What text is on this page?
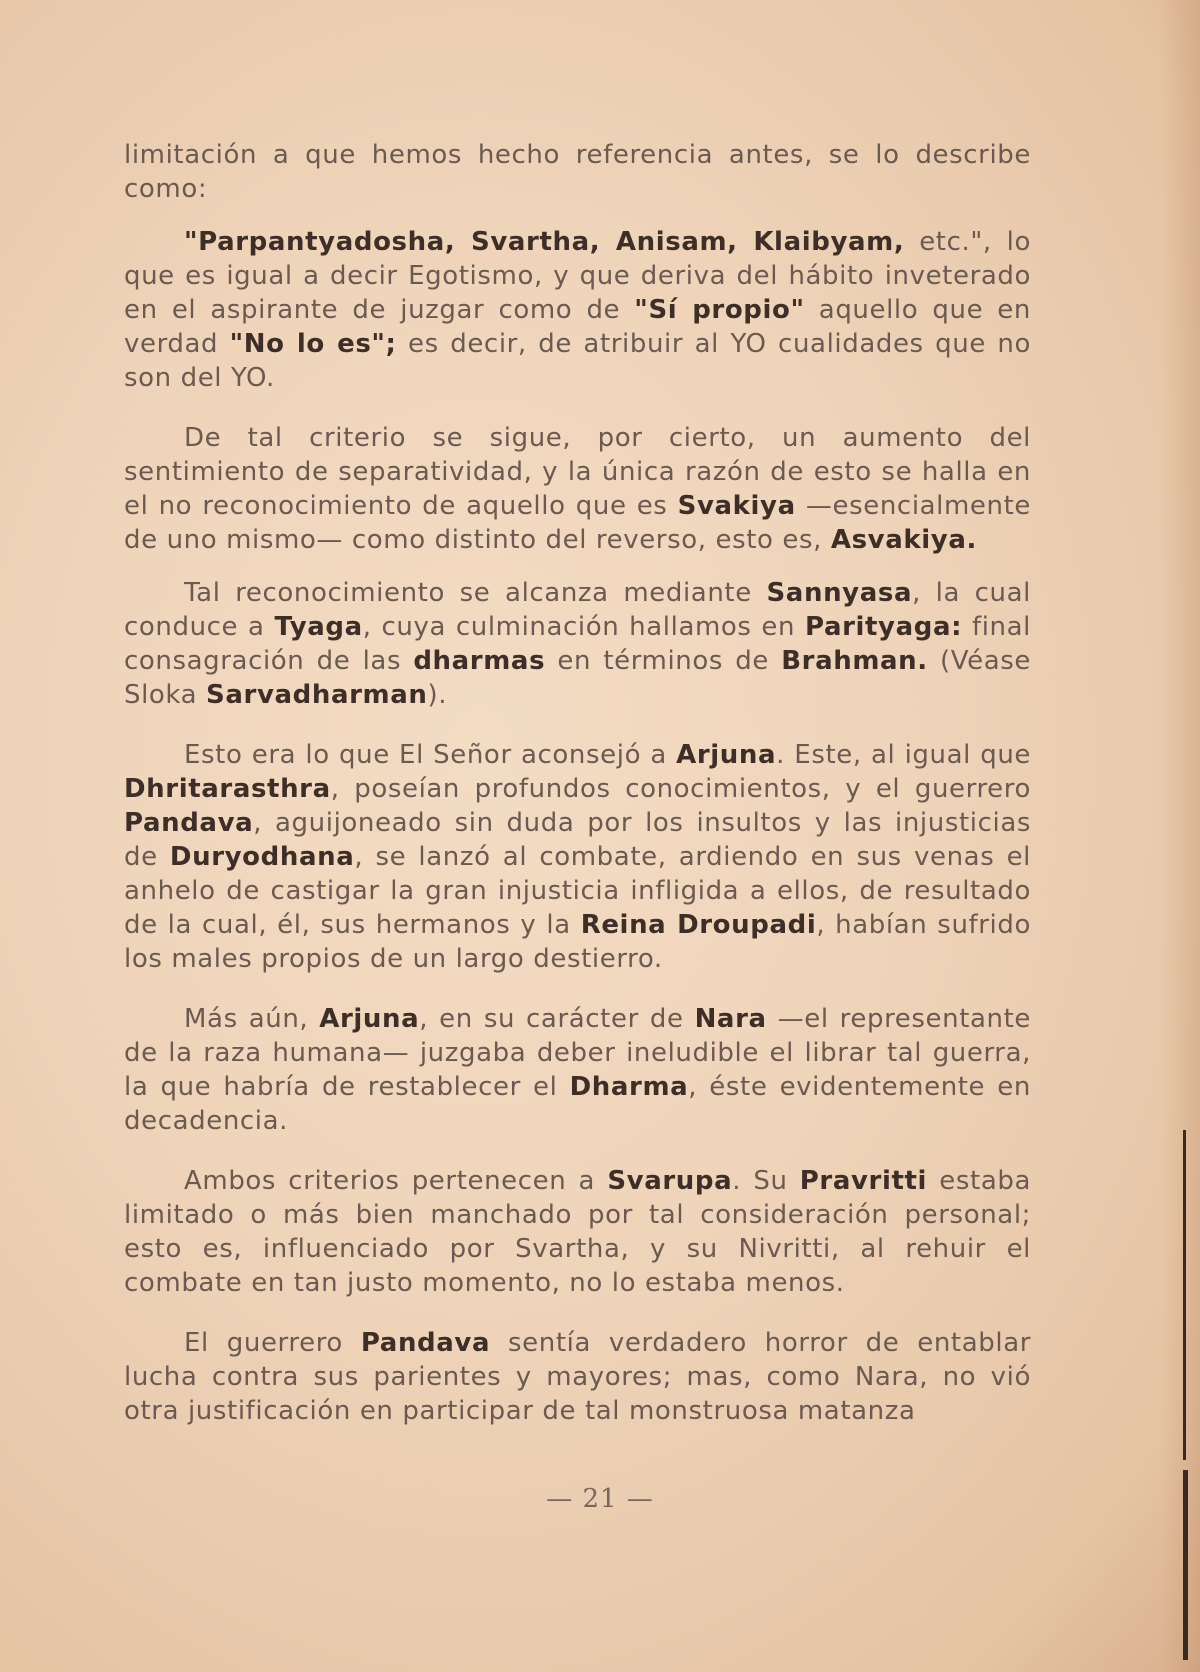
limitación a que hemos hecho referencia antes, se lo describe como:

"Parpantyadosha, Svartha, Anisam, Klaibyam, etc.", lo que es igual a decir Egotismo, y que deriva del hábito inveterado en el aspirante de juzgar como de "Sí propio" aquello que en verdad "No lo es"; es decir, de atribuir al YO cualidades que no son del YO.

De tal criterio se sigue, por cierto, un aumento del sentimiento de separatividad, y la única razón de esto se halla en el no reconocimiento de aquello que es Svakiya —esencialmente de uno mismo— como distinto del reverso, esto es, Asvakiya.

Tal reconocimiento se alcanza mediante Sannyasa, la cual conduce a Tyaga, cuya culminación hallamos en Parityaga: final consagración de las dharmas en términos de Brahman. (Véase Sloka Sarvadharman).

Esto era lo que El Señor aconsejó a Arjuna. Este, al igual que Dhritarasthra, poseían profundos conocimientos, y el guerrero Pandava, aguijoneado sin duda por los insultos y las injusticias de Duryodhana, se lanzó al combate, ardiendo en sus venas el anhelo de castigar la gran injusticia infligida a ellos, de resultado de la cual, él, sus hermanos y la Reina Droupadi, habían sufrido los males propios de un largo destierro.

Más aún, Arjuna, en su carácter de Nara —el representante de la raza humana— juzgaba deber ineludible el librar tal guerra, la que habría de restablecer el Dharma, éste evidentemente en decadencia.

Ambos criterios pertenecen a Svarupa. Su Pravritti estaba limitado o más bien manchado por tal consideración personal; esto es, influenciado por Svartha, y su Nivritti, al rehuir el combate en tan justo momento, no lo estaba menos.

El guerrero Pandava sentía verdadero horror de entablar lucha contra sus parientes y mayores; mas, como Nara, no vió otra justificación en participar de tal monstruosa matanza

— 21 —
